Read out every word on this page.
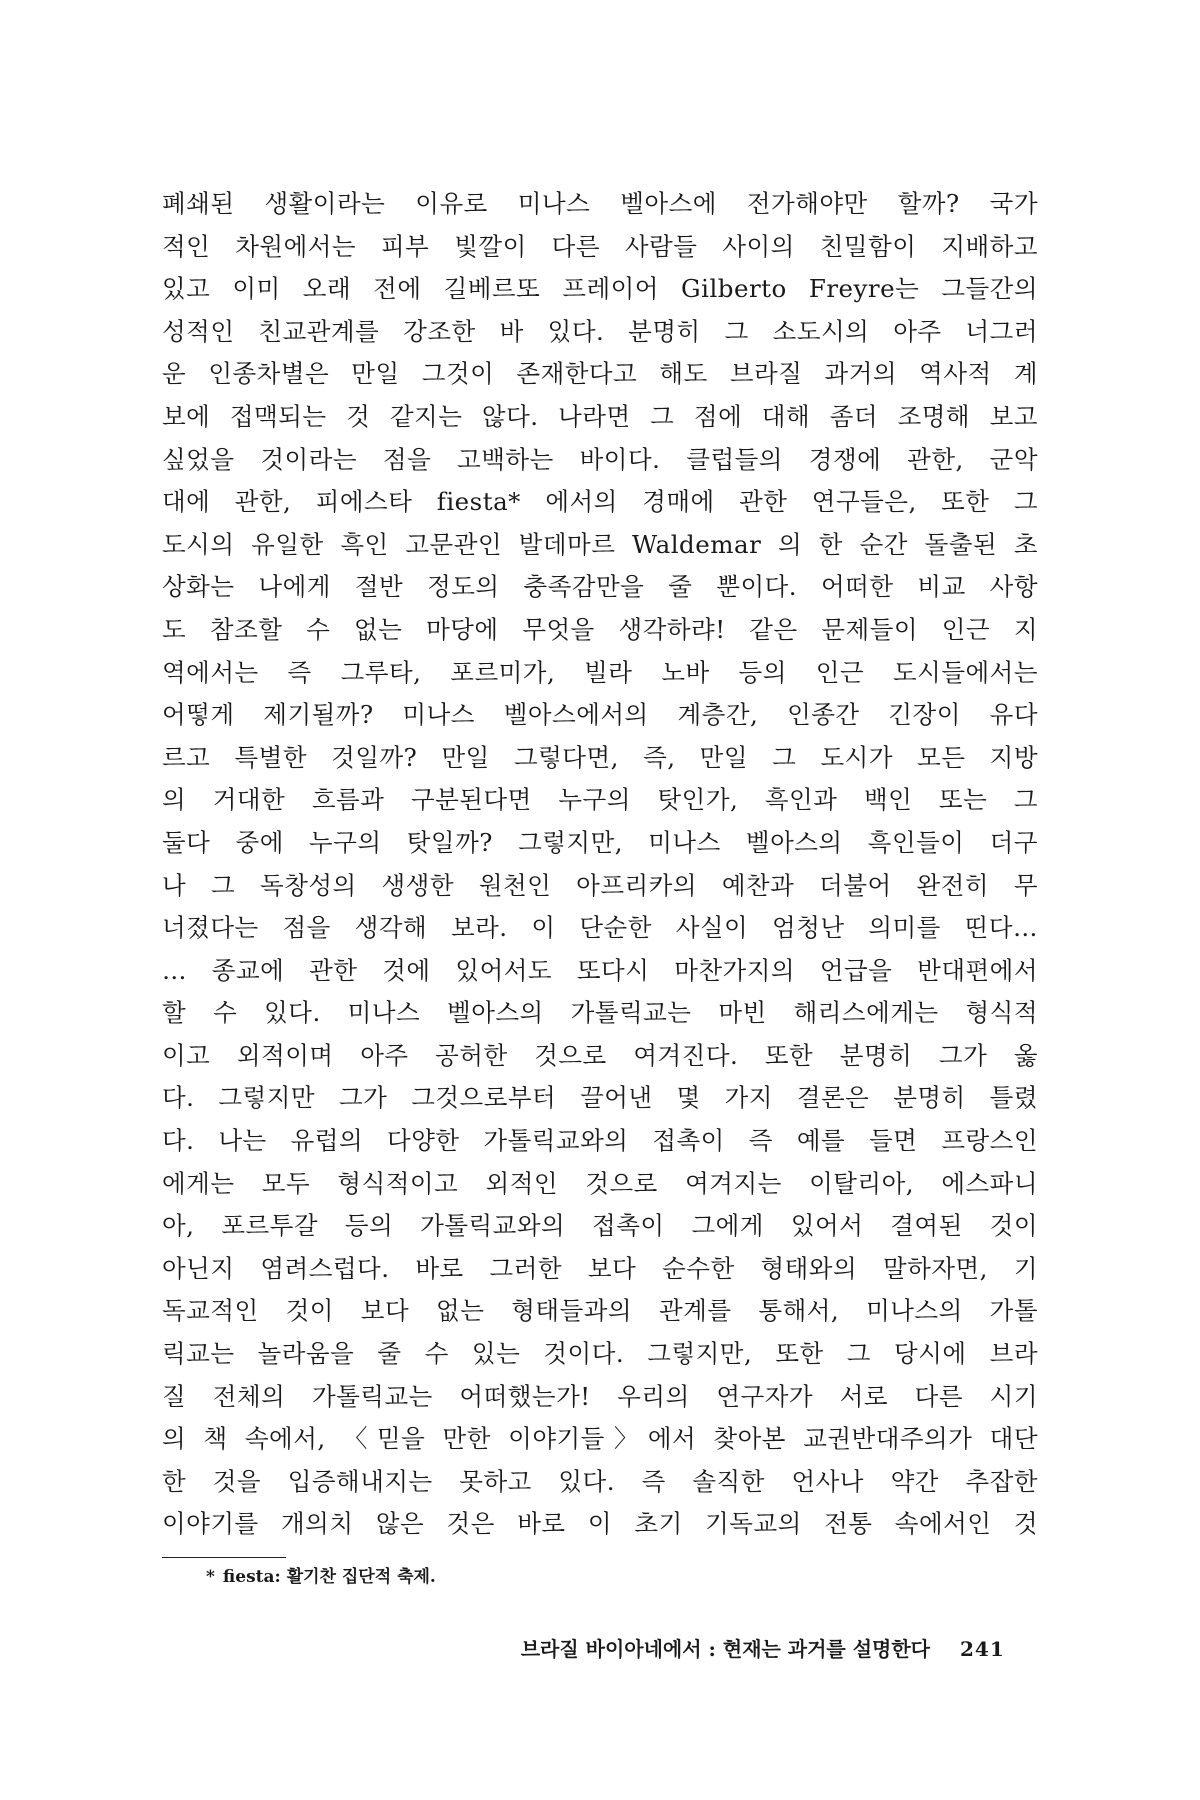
폐쇄된 생활이라는 이유로 미나스 벨아스에 전가해야만 할까? 국가
적인 차원에서는 피부 빛깔이 다른 사람들 사이의 친밀함이 지배하고
있고 이미 오래 전에 길베르또 프레이어 Gilberto Freyre는 그들간의
성적인 친교관계를 강조한 바 있다. 분명히 그 소도시의 아주 너그러
운 인종차별은 만일 그것이 존재한다고 해도 브라질 과거의 역사적 계
보에 접맥되는 것 같지는 않다. 나라면 그 점에 대해 좀더 조명해 보고
싶었을 것이라는 점을 고백하는 바이다. 클럽들의 경쟁에 관한, 군악
대에 관한, 피에스타 fiesta* 에서의 경매에 관한 연구들은, 또한 그
도시의 유일한 흑인 고문관인 발데마르 Waldemar 의 한 순간 돌출된 초
상화는 나에게 절반 정도의 충족감만을 줄 뿐이다. 어떠한 비교 사항
도 참조할 수 없는 마당에 무엇을 생각하랴! 같은 문제들이 인근 지
역에서는 즉 그루타, 포르미가, 빌라 노바 등의 인근 도시들에서는
어떻게 제기될까? 미나스 벨아스에서의 계층간, 인종간 긴장이 유다
르고 특별한 것일까? 만일 그렇다면, 즉, 만일 그 도시가 모든 지방
의 거대한 흐름과 구분된다면 누구의 탓인가, 흑인과 백인 또는 그
둘다 중에 누구의 탓일까? 그렇지만, 미나스 벨아스의 흑인들이 더구
나 그 독창성의 생생한 원천인 아프리카의 예찬과 더불어 완전히 무
너졌다는 점을 생각해 보라. 이 단순한 사실이 엄청난 의미를 띤다…
… 종교에 관한 것에 있어서도 또다시 마찬가지의 언급을 반대편에서
할 수 있다. 미나스 벨아스의 가톨릭교는 마빈 해리스에게는 형식적
이고 외적이며 아주 공허한 것으로 여겨진다. 또한 분명히 그가 옳
다. 그렇지만 그가 그것으로부터 끌어낸 몇 가지 결론은 분명히 틀렸
다. 나는 유럽의 다양한 가톨릭교와의 접촉이 즉 예를 들면 프랑스인
에게는 모두 형식적이고 외적인 것으로 여겨지는 이탈리아, 에스파니
아, 포르투갈 등의 가톨릭교와의 접촉이 그에게 있어서 결여된 것이
아닌지 염려스럽다. 바로 그러한 보다 순수한 형태와의 말하자면, 기
독교적인 것이 보다 없는 형태들과의 관계를 통해서, 미나스의 가톨
릭교는 놀라움을 줄 수 있는 것이다. 그렇지만, 또한 그 당시에 브라
질 전체의 가톨릭교는 어떠했는가! 우리의 연구자가 서로 다른 시기
의 책 속에서, 〈믿을 만한 이야기들〉에서 찾아본 교권반대주의가 대단
한 것을 입증해내지는 못하고 있다. 즉 솔직한 언사나 약간 추잡한
이야기를 개의치 않은 것은 바로 이 초기 기독교의 전통 속에서인 것
* fiesta: 활기찬 집단적 축제.
브라질 바이아네에서 : 현재는 과거를 설명한다 241
